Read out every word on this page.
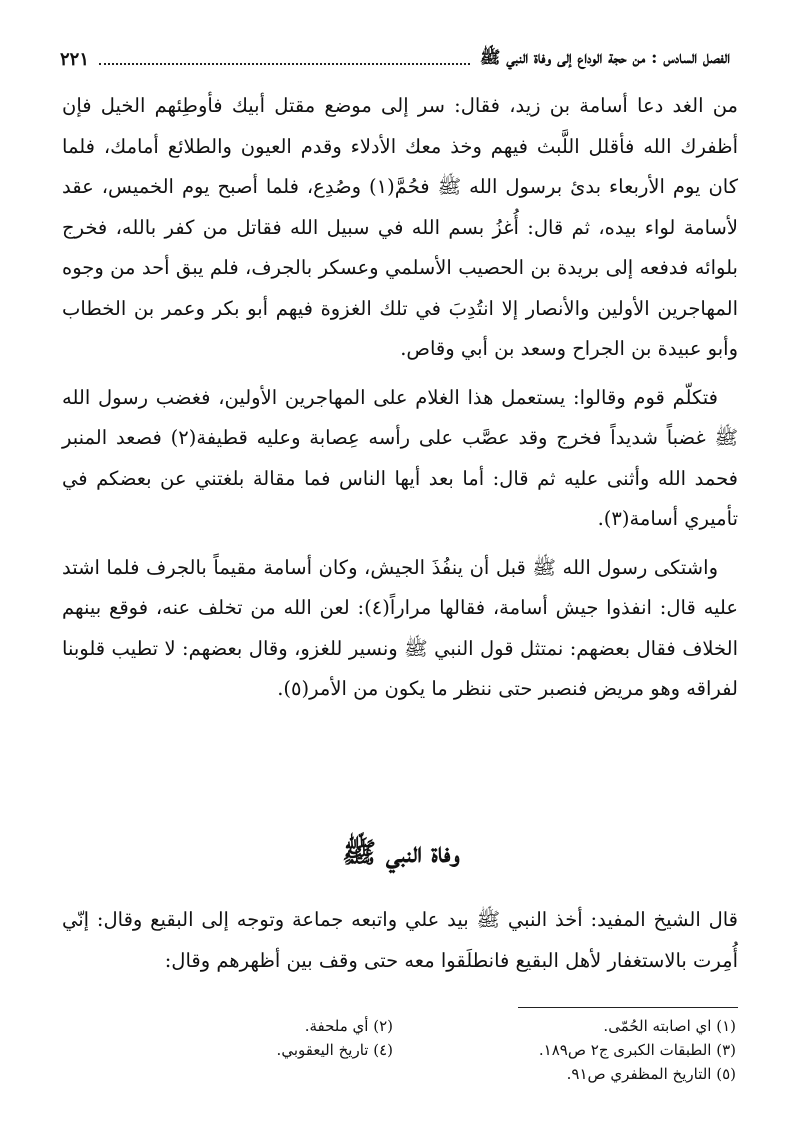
الفصل السادس : من حجة الوداع إلى وفاة النبي ﷺ
٢٢١

من الغد دعا أسامة بن زيد، فقال: سر إلى موضع مقتل أبيك فأوطِئهم الخيل فإن أظفرك الله فأقلل اللَّبث فيهم وخذ معك الأدلاء وقدم العيون والطلائع أمامك، فلما كان يوم الأربعاء بدئ برسول الله ﷺ فحُمَّ(١) وصُدِع، فلما أصبح يوم الخميس، عقد لأسامة لواء بيده، ثم قال: أُغزُ بسم الله في سبيل الله فقاتل من كفر بالله، فخرج بلوائه فدفعه إلى بريدة بن الحصيب الأسلمي وعسكر بالجرف، فلم يبق أحد من وجوه المهاجرين الأولين والأنصار إلا انتُدِبَ في تلك الغزوة فيهم أبو بكر وعمر بن الخطاب وأبو عبيدة بن الجراح وسعد بن أبي وقاص.

فتكلّم قوم وقالوا: يستعمل هذا الغلام على المهاجرين الأولين، فغضب رسول الله ﷺ غضباً شديداً فخرج وقد عصَّب على رأسه عِصابة وعليه قطيفة(٢) فصعد المنبر فحمد الله وأثنى عليه ثم قال: أما بعد أيها الناس فما مقالة بلغتني عن بعضكم في تأميري أسامة(٣).

واشتكى رسول الله ﷺ قبل أن ينفُذَ الجيش، وكان أسامة مقيماً بالجرف فلما اشتد عليه قال: انفذوا جيش أسامة، فقالها مراراً(٤): لعن الله من تخلف عنه، فوقع بينهم الخلاف فقال بعضهم: نمتثل قول النبي ﷺ ونسير للغزو، وقال بعضهم: لا تطيب قلوبنا لفراقه وهو مريض فنصبر حتى ننظر ما يكون من الأمر(٥).

وفاة النبي ﷺ

قال الشيخ المفيد: أخذ النبي ﷺ بيد علي واتبعه جماعة وتوجه إلى البقيع وقال: إنّي أُمِرت بالاستغفار لأهل البقيع فانطلَقوا معه حتى وقف بين أظهرهم وقال:

(١) اي اصابته الحُمّى.
(٢) أي ملحفة.
(٣) الطبقات الكبرى ج٢ ص١٨٩.
(٤) تاريخ اليعقوبي.
(٥) التاريخ المظفري ص٩١.
